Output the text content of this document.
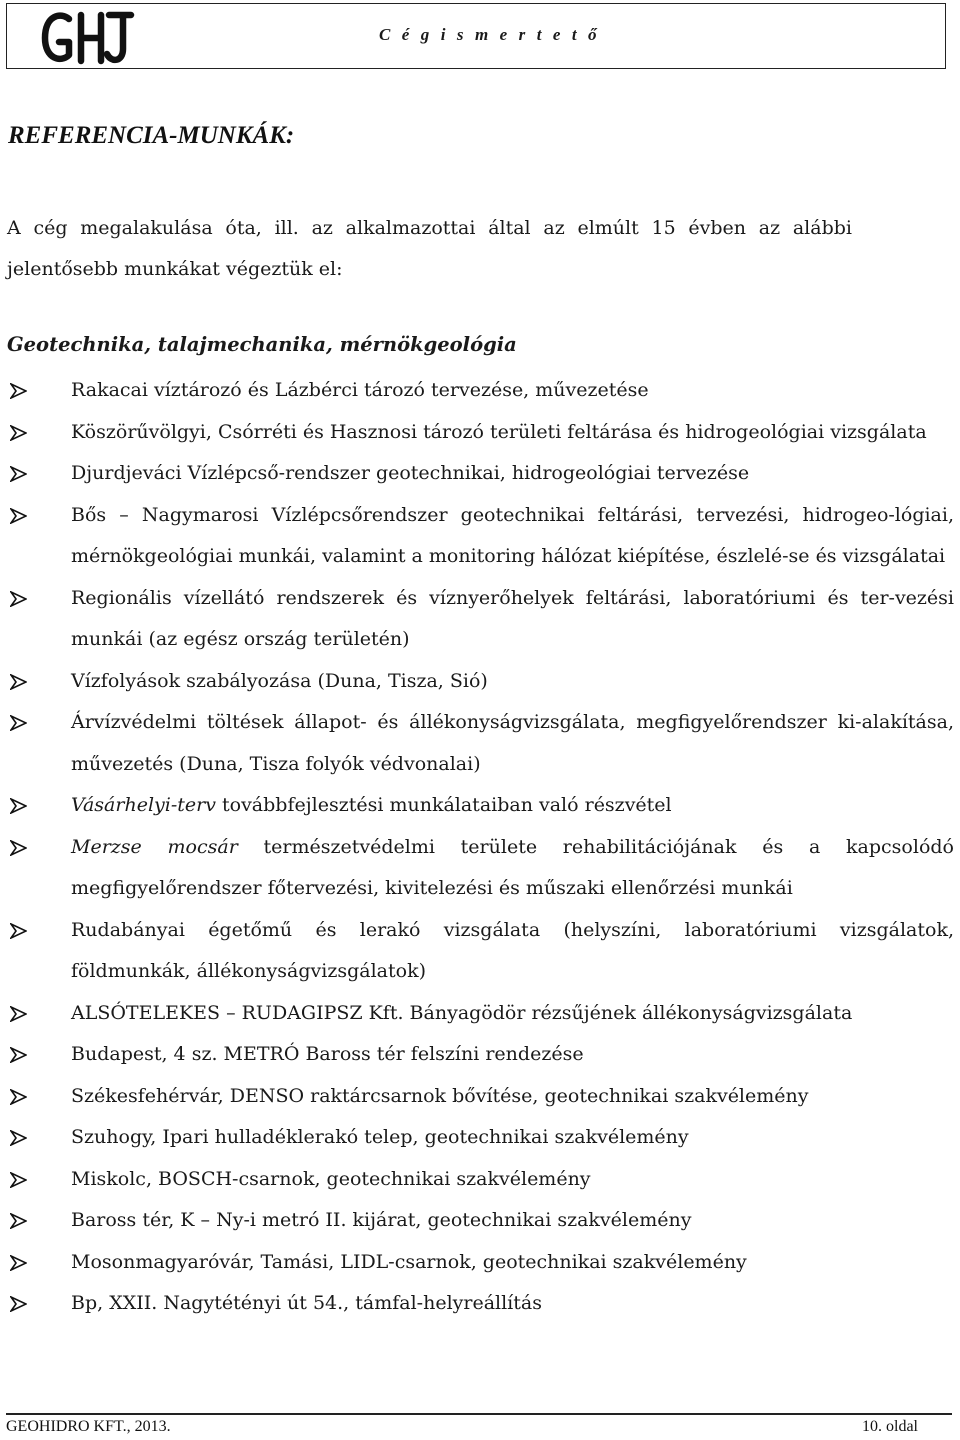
C é g i s m e r t e t ő
REFERENCIA-MUNKÁK:
A cég megalakulása óta, ill. az alkalmazottai által az elmúlt 15 évben az alábbi jelentősebb munkákat végeztük el:
Geotechnika, talajmechanika, mérnökgeológia
Rakacai víztározó és Lázbérci tározó tervezése, művezetése
Köszörűvölgyi, Csórréti és Hasznosi tározó területi feltárása és hidrogeológiai vizsgálata
Djurdjeváci Vízlépcső-rendszer geotechnikai, hidrogeológiai tervezése
Bős – Nagymarosi Vízlépcsőrendszer geotechnikai feltárási, tervezési, hidrogeo-lógiai, mérnökgeológiai munkái, valamint a monitoring hálózat kiépítése, észlelé-se és vizsgálatai
Regionális vízellátó rendszerek és víznyerőhelyek feltárási, laboratóriumi és ter-vezési munkái (az egész ország területén)
Vízfolyások szabályozása (Duna, Tisza, Sió)
Árvízvédelmi töltések állapot- és állékonyságvizsgálata, megfigyelőrendszer ki-alakítása, művezetés (Duna, Tisza folyók védvonalai)
Vásárhelyi-terv továbbfejlesztési munkálataiban való részvétel
Merzse mocsár természetvédelmi területe rehabilitációjának és a kapcsolódó megfigyelőrendszer főtervezési, kivitelezési és műszaki ellenőrzési munkái
Rudabányai égetőmű és lerakó vizsgálata (helyszíni, laboratóriumi vizsgálatok, földmunkák, állékonyságvizsgálatok)
ALSÓTELEKES – RUDAGIPSZ Kft. Bányagödör rézsűjének állékonyságvizsgálata
Budapest, 4 sz. METRÓ Baross tér felszíni rendezése
Székesfehérvár, DENSO raktárcsarnok bővítése, geotechnikai szakvélemény
Szuhogy, Ipari hulladéklerakó telep, geotechnikai szakvélemény
Miskolc, BOSCH-csarnok, geotechnikai szakvélemény
Baross tér, K – Ny-i metró II. kijárat, geotechnikai szakvélemény
Mosonmagyaróvár, Tamási, LIDL-csarnok, geotechnikai szakvélemény
Bp, XXII. Nagytétényi út 54., támfal-helyreállítás
GEOHIDRO KFT., 2013.	10. oldal
